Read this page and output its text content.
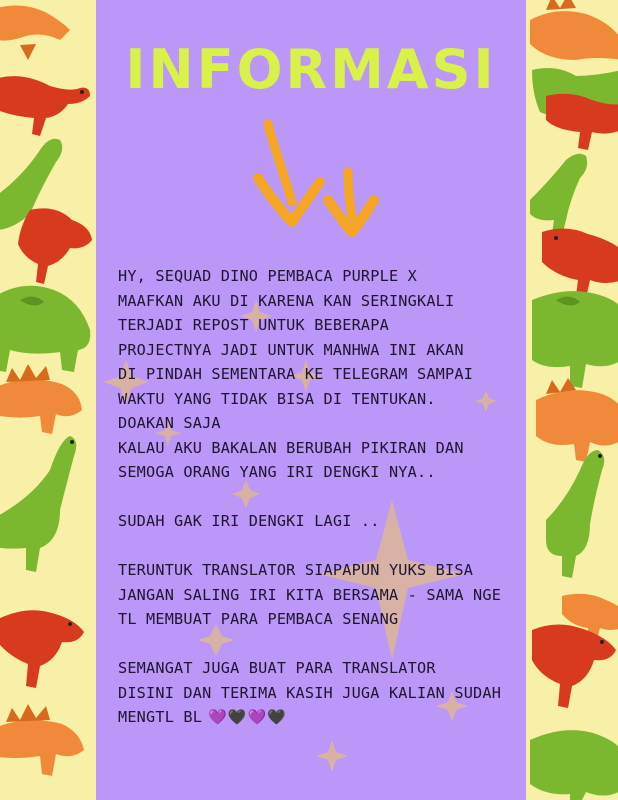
INFORMASI

HY, SEQUAD DINO PEMBACA PURPLE X
MAAFKAN AKU DI KARENA KAN SERINGKALI
TERJADI REPOST UNTUK BEBERAPA
PROJECTNYA JADI UNTUK MANHWA INI AKAN
DI PINDAH SEMENTARA KE TELEGRAM SAMPAI
WAKTU YANG TIDAK BISA DI TENTUKAN.
DOAKAN SAJA
KALAU AKU BAKALAN BERUBAH PIKIRAN DAN
SEMOGA ORANG YANG IRI DENGKI NYA..

SUDAH GAK IRI DENGKI LAGI ..

TERUNTUK TRANSLATOR SIAPAPUN YUKS BISA
JANGAN SALING IRI KITA BERSAMA - SAMA NGE
TL MEMBUAT PARA PEMBACA SENANG

SEMANGAT JUGA BUAT PARA TRANSLATOR
DISINI DAN TERIMA KASIH JUGA KALIAN SUDAH
MENGTL BL 💜🖤💜🖤
